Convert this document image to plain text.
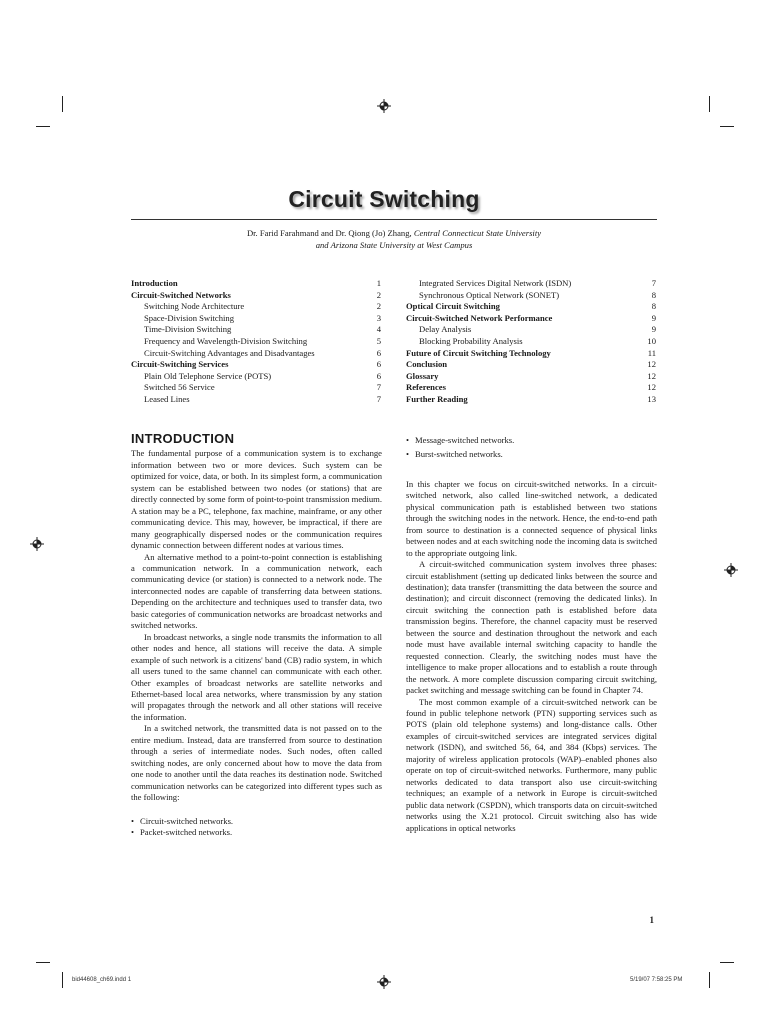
Circuit Switching
Dr. Farid Farahmand and Dr. Qiong (Jo) Zhang, Central Connecticut State University
and Arizona State University at West Campus
Introduction	1
Circuit-Switched Networks	2
Switching Node Architecture	2
Space-Division Switching	3
Time-Division Switching	4
Frequency and Wavelength-Division Switching	5
Circuit-Switching Advantages and Disadvantages	6
Circuit-Switching Services	6
Plain Old Telephone Service (POTS)	6
Switched 56 Service	7
Leased Lines	7
Integrated Services Digital Network (ISDN)	7
Synchronous Optical Network (SONET)	8
Optical Circuit Switching	8
Circuit-Switched Network Performance	9
Delay Analysis	9
Blocking Probability Analysis	10
Future of Circuit Switching Technology	11
Conclusion	12
Glossary	12
References	12
Further Reading	13
INTRODUCTION

The fundamental purpose of a communication system is to exchange information between two or more devices. Such system can be optimized for voice, data, or both. In its simplest form, a communication system can be established between two nodes (or stations) that are directly connected by some form of point-to-point transmission medium. A station may be a PC, telephone, fax machine, mainframe, or any other communicating device. This may, however, be impractical, if there are many geographically dispersed nodes or the communication requires dynamic connection between different nodes at various times.

An alternative method to a point-to-point connection is establishing a communication network. In a communication network, each communicating device (or station) is connected to a network node. The interconnected nodes are capable of transferring data between stations. Depending on the architecture and techniques used to transfer data, two basic categories of communication networks are broadcast networks and switched networks.

In broadcast networks, a single node transmits the information to all other nodes and hence, all stations will receive the data. A simple example of such network is a citizens' band (CB) radio system, in which all users tuned to the same channel can communicate with each other. Other examples of broadcast networks are satellite networks and Ethernet-based local area networks, where transmission by any station will propagates through the network and all other stations will receive the information.

In a switched network, the transmitted data is not passed on to the entire medium. Instead, data are transferred from source to destination through a series of intermediate nodes. Such nodes, often called switching nodes, are only concerned about how to move the data from one node to another until the data reaches its destination node. Switched communication networks can be categorized into different types such as the following:

• Circuit-switched networks.
• Packet-switched networks.
• Message-switched networks.
• Burst-switched networks.

In this chapter we focus on circuit-switched networks. In a circuit-switched network, also called line-switched network, a dedicated physical communication path is established between two stations through the switching nodes in the network. Hence, the end-to-end path from source to destination is a connected sequence of physical links between nodes and at each switching node the incoming data is switched to the appropriate outgoing link.

A circuit-switched communication system involves three phases: circuit establishment (setting up dedicated links between the source and destination); data transfer (transmitting the data between the source and destination); and circuit disconnect (removing the dedicated links). In circuit switching the connection path is established before data transmission begins. Therefore, the channel capacity must be reserved between the source and destination throughout the network and each node must have available internal switching capacity to handle the requested connection. Clearly, the switching nodes must have the intelligence to make proper allocations and to establish a route through the network. A more complete discussion comparing circuit switching, packet switching and message switching can be found in Chapter 74.

The most common example of a circuit-switched network can be found in public telephone network (PTN) supporting services such as POTS (plain old telephone systems) and long-distance calls. Other examples of circuit-switched services are integrated services digital network (ISDN), and switched 56, 64, and 384 (Kbps) services. The majority of wireless application protocols (WAP)–enabled phones also operate on top of circuit-switched networks. Furthermore, many public networks dedicated to data transport also use circuit-switching techniques; an example of a network in Europe is circuit-switched public data network (CSPDN), which transports data on circuit-switched networks using the X.21 protocol. Circuit switching also has wide applications in optical networks

1
bid44608_ch69.indd 1	5/19/07 7:58:25 PM
